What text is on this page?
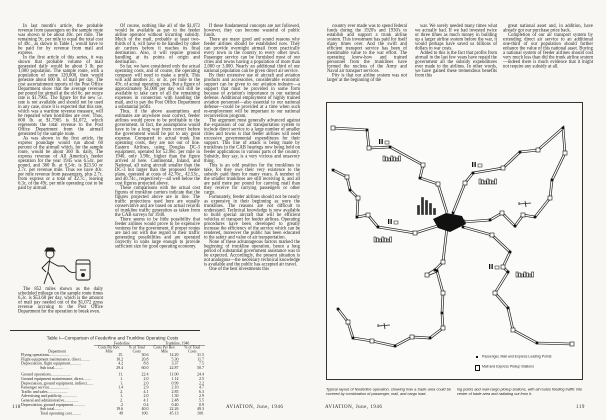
In last month's article, the probable revenue from passengers on the sample route was shown to be about 40c. per mile. The remaining 9c. per mile to equal the total cost of 49c., as shown in Table I, would have to be paid for by revenue from mail and express.

In the first article of this series, it was shown that probable volume of mail generated daily would be about 3 lb. per 1,000 population. The sample route, with a population of some 120,000, then would generate about 600 lb. of mail per day. The cost ascertainment reports of the Post Office Department show that the average revenue per pound for airmail at the old 6c. per ounce rate is $1.7905. The figure for the new 5c. rate is not available and should not be used in any case, since it is expected that this rate, which was a wartime revenue measure, will be repealed when hostilities are over. Thus, 600 lb. at $1.7905 is $1,072, which represents the total revenue to the Post Office Department from the airmail generated by the sample route.

As was shown in the first article, the express poundage would run about 60 percent of the airmail which, for the sample route, would be about 360 lb. daily. The express revenue of All America's feeder operation for the year 1945 was 6.54c. per pound, and 360 lb. at 6.54c. is $23.50 or 2.7c. per revenue mile. Thus we have 40c. per mile revenue from passengers, plus 2.7c. from express or a total of 42.7c., leaving 6.3c. of the 49c. per mile operating cost to be paid by airmail.

The 852 miles shown as the daily scheduled mileage on the sample route times 6.3c. is $53.68 per day, which is the amount of mail pay needed out of the $1,072 gross revenue accruing to the Post Office Department for the operation to break even.

Of course, nothing like all of the $1,072 would be available as pay to the feeder airline operator without incurring subsidy. Much of the mail, probably at least two-thirds of it, will have to be handled by other air carriers before it reaches its final destination. Also, it will require ground handling at its points of origin and destination.

So far, we have considered only the actual operating costs, and of course, the operating company will need to make a profit. This will add another 2c. or 3c. per mile to the 49c. of actual operating costs. But a figure of approximately $1,000 per day will still be available to take care of all the remaining expenses in connection with handling the mail, and to pay the Post Office Department a substantial profit.

Thus, if the above assumptions and estimates are anywhere near correct, feeder airlines would prove to be profitable to the government. In fact, the assumptions would have to be a long way from correct before the government would be put to any great expense. Compared to actual trunk line operating costs, they are not out of line. Eastern Airlines, using Douglas DC-3 equipment, operated for 52.98c. per mile in 1940, only 3.98c. higher than the figure arrived at here. Continental, Inland, and National, all using aircraft smaller than the DC-3 but larger than the proposed feeder plane, operated at costs of 42.76c., 42.53c., and 40.74c., respectively—all well below the cost figures projected above.

These comparisons with the actual cost figures of trunkline carriers indicate that the figures projected above are in line. The traffic projections used here are equally conservative and are based on actual records of trunkline traffic generation as taken from the CAB surveys for 1940.

There seems to be little possibility that feeder airlines would prove to be expensive ventures for the government, if proper routes are laid out with due regard to their traffic generating possibilities and are operated correctly in units large enough to provide sufficient size for good operating economy.

If these fundamental concepts are not followed, however, they can become wasteful of public funds.

There are many good and sound reasons why feeder airlines should be established now. They can provide overnight airmail from practically every town in the country to every other town. Passenger service can be furnished most of our cities and towns having a population of more than 2,000 or 3,000. Nearly an additional third of our national population can be given direct air service.

By their extensive use of aircraft and aviation products and accessories, considerable economic support can be given to our aviation industry—a support that must be provided in some form because of aviation's importance to our national defense. Additional employment of highly trained aviation personnel—also essential to our national defense—could be provided at a time when such re-employment will be important to our national reconversion program.

The argument most generally advanced against the expansion of our air transportation system to include direct service to a large number of smaller cities and towns is that feeder airlines will need excessive governmental expenditures for their support. This line of attack is being made by trunklines in the CAB hearings now being held on feeder applications in various parts of the country. Subsidy, they say, is a very vicious and unsavory thing.

This is an odd position for the trunklines to take, for they owe their very existence to the subsidy paid them for many years. A number of the smaller trunklines are still receiving it, and all are paid more per pound for carrying mail than they receive for carrying passengers or other cargo.

Fortunately, feeder airlines should not be nearly as expensive in their beginning as were the trunklines. The reasons are not difficult to understand. Technical knowledge is now available to build special aircraft that will be efficient vehicles of transport for feeder airlines. Operating procedures have been developed to greatly increase the efficiency of the service which can be rendered, moreover the public has been educated to the safety and value of air transportation.

None of these advantageous factors marked the beginning of trunkline operation, hence a long period of substantial government assistance was to be expected. Accordingly, the present situation is not analogous—the necessary technical knowledge is available and the public has accepted air travel.

One of the best investments this

Table I—Comparison of Feederline and Trunkline Operating Costs
Department	Feederline		Trunkline, 1940	
	Costs Per Rev. Mile	% of Total Costs	Costs Per Rev. Mile	% of Total Costs
Flying operations....................	15.	30.6	14.20	31.5
Flight equipment maintenance, direct.........	10.2	20.8	5.30	11.7
Depreciation, flight equipment...........	4.2	8.6	3.37	7.5
Sub total.........	29.4	60.0	22.87	50.7
Ground operations....................	11.	22.4	11.00	24.4
Ground equipment maintenance, direct........	1.	2.0	1.14	2.5
Depreciation, ground equipment, indirect......	1.	2.0	0.99	2.2
Passenger service....................	1.4	2.9	2.10	4.7
Traffic and sales....................	2.	4.1	2.85	6.3
Advertising and publicity...............	1.	2.0	1.30	2.9
General and administrative..............	2.	4.1	2.48	5.5
Depreciation, ground equipment............	.2	0.4	0.40	0.9
Sub total.........	19.6	40.0	22.26	49.3
Total operating cost.........	49	100.	45.13	100.
118	AVIATION, June, 1946

country ever made was to spend federal funds during the 1920's and 1930's to establish and support a trunk airline system. This investment has paid for itself many times over. And the swift and efficient transport service has been of inestimable value to the war effort. The operating know-how and trained personnel from the trunklines have formed the nucleus of the Army and Naval air transport services.

Pity is that our airline system was not larger at the beginning of the

war. We sorely needed many times what we actually had. If we had invested twice or three times as much money in building up a larger airline system before the war, it would perhaps have saved us billions of dollars in war costs.

Added to this is the fact that profits from airmail in the last few years have repaid the government all the subsidy expenditures ever made to the airlines. In other words, we have gained these tremendous benefits from this

great national asset and, in addition, have already got our purchase price back.

Completion of our air transport system by extending direct air service to an additional one-third of our population should further enhance the value of this national asset. Buying a national system of feeder airlines should cost very much less than did the trunk airline system—indeed there is much evidence that it might not require any subsidy at all.

Passenger, Mail and Express Loading Points
Mail and Express Pickup Stations
Typical layout of feederline operation, showing how a trade area could be covered by combination of passenger, mail, and cargo load-
ing points and mail-cargo pickup stations, with all routes feeding traffic into center of trade area and radiating out from it.
AVIATION, June, 1946	119
